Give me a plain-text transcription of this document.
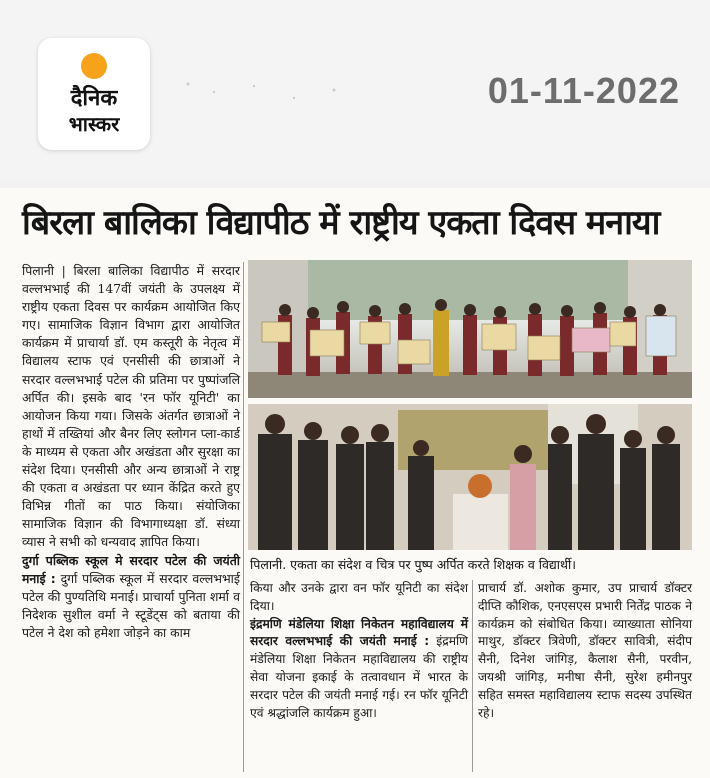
दैनिक
भास्कर
01-11-2022
बिरला बालिका विद्यापीठ में राष्ट्रीय एकता दिवस मनाया

पिलानी | बिरला बालिका विद्यापीठ में सरदार वल्लभभाई की 147वीं जयंती के उपलक्ष्य में राष्ट्रीय एकता दिवस पर कार्यक्रम आयोजित किए गए। सामाजिक विज्ञान विभाग द्वारा आयोजित कार्यक्रम में प्राचार्या डॉ. एम कस्तूरी के नेतृत्व में विद्यालय स्टाफ एवं एनसीसी की छात्राओं ने सरदार वल्लभभाई पटेल की प्रतिमा पर पुष्पांजलि अर्पित की। इसके बाद 'रन फॉर यूनिटी' का आयोजन किया गया। जिसके अंतर्गत छात्राओं ने हाथों में तख्तियां और बैनर लिए स्लोगन प्ला-कार्ड के माध्यम से एकता और अखंडता और सुरक्षा का संदेश दिया। एनसीसी और अन्य छात्राओं ने राष्ट्र की एकता व अखंडता पर ध्यान केंद्रित करते हुए विभिन्न गीतों का पाठ किया। संयोजिका सामाजिक विज्ञान की विभागाध्यक्षा डॉ. संध्या व्यास ने सभी को धन्यवाद ज्ञापित किया।

दुर्गा पब्लिक स्कूल मे सरदार पटेल की जयंती मनाई : दुर्गा पब्लिक स्कूल में सरदार वल्लभभाई पटेल की पुण्यतिथि मनाई। प्राचार्या पुनिता शर्मा व निदेशक सुशील वर्मा ने स्टूडेंट्स को बताया की पटेल ने देश को हमेशा जोड़ने का काम

पिलानी. एकता का संदेश व चित्र पर पुष्प अर्पित करते शिक्षक व विद्यार्थी।

किया और उनके द्वारा वन फॉर यूनिटी का संदेश दिया।

इंद्रमणि मंडेलिया शिक्षा निकेतन महाविद्यालय में सरदार वल्लभभाई की जयंती मनाई : इंद्रमणि मंडेलिया शिक्षा निकेतन महाविद्यालय की राष्ट्रीय सेवा योजना इकाई के तत्वावधान में भारत के सरदार पटेल की जयंती मनाई गई। रन फॉर यूनिटी एवं श्रद्धांजलि कार्यक्रम हुआ।

प्राचार्य डॉ. अशोक कुमार, उप प्राचार्य डॉक्टर दीप्ति कौशिक, एनएसएस प्रभारी निर्तेंद्र पाठक ने कार्यक्रम को संबोधित किया। व्याख्याता सोनिया माथुर, डॉक्टर त्रिवेणी, डॉक्टर सावित्री, संदीप सैनी, दिनेश जांगिड़, कैलाश सैनी, परवीन, जयश्री जांगिड़, मनीषा सैनी, सुरेश हमीनपुर सहित समस्त महाविद्यालय स्टाफ सदस्य उपस्थित रहे।
